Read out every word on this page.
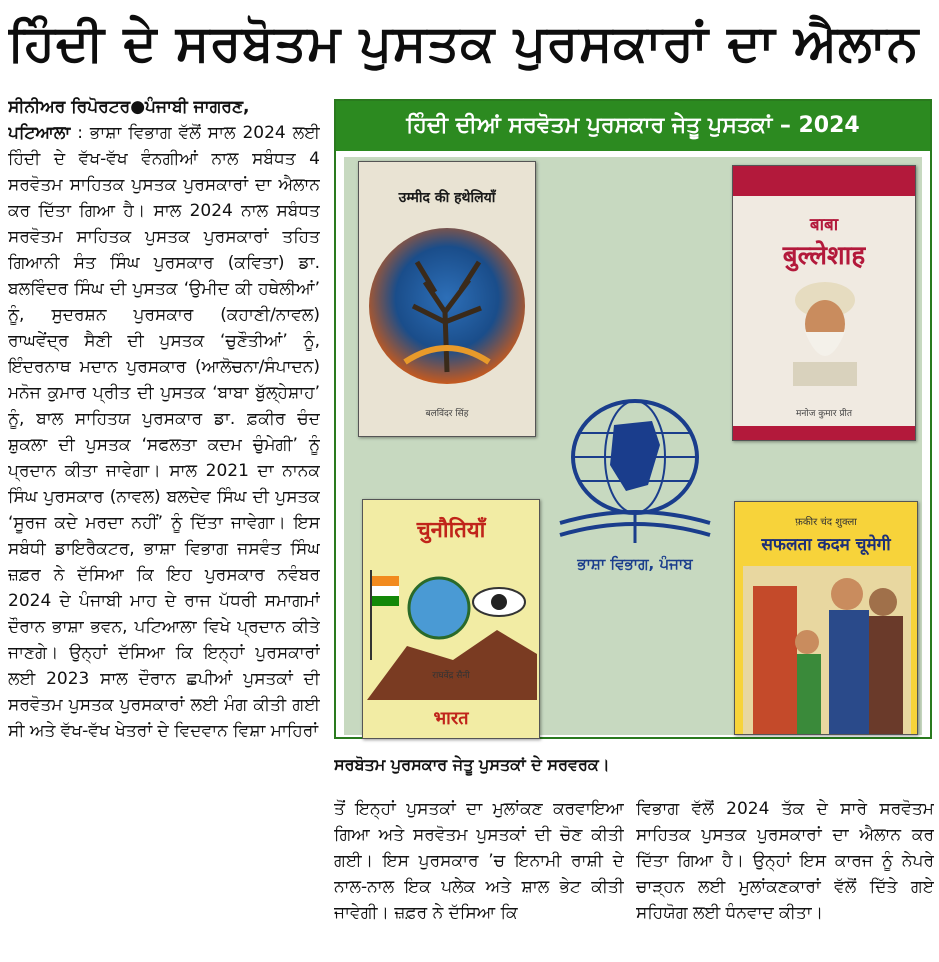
ਹਿੰਦੀ ਦੇ ਸਰਬੋਤਮ ਪੁਸਤਕ ਪੁਰਸਕਾਰਾਂ ਦਾ ਐਲਾਨ
ਸੀਨੀਅਰ ਰਿਪੋਰਟਰ●ਪੰਜਾਬੀ ਜਾਗਰਣ,
ਪਟਿਆਲਾ : ਭਾਸ਼ਾ ਵਿਭਾਗ ਵੱਲੋਂ ਸਾਲ 2024 ਲਈ ਹਿੰਦੀ ਦੇ ਵੱਖ-ਵੱਖ ਵੰਨਗੀਆਂ ਨਾਲ ਸਬੰਧਤ 4 ਸਰਵੋਤਮ ਸਾਹਿਤਕ ਪੁਸਤਕ ਪੁਰਸਕਾਰਾਂ ਦਾ ਐਲਾਨ ਕਰ ਦਿੱਤਾ ਗਿਆ ਹੈ। ਸਾਲ 2024 ਨਾਲ ਸਬੰਧਤ ਸਰਵੋਤਮ ਸਾਹਿਤਕ ਪੁਸਤਕ ਪੁਰਸਕਾਰਾਂ ਤਹਿਤ ਗਿਆਨੀ ਸੰਤ ਸਿੰਘ ਪੁਰਸਕਾਰ (ਕਵਿਤਾ) ਡਾ. ਬਲਵਿੰਦਰ ਸਿੰਘ ਦੀ ਪੁਸਤਕ ‘ਉਮੀਦ ਕੀ ਹਥੇਲੀਆਂ’ ਨੂੰ, ਸੁਦਰਸ਼ਨ ਪੁਰਸਕਾਰ (ਕਹਾਣੀ/ਨਾਵਲ) ਰਾਘਵੇਂਦ੍ਰ ਸੈਣੀ ਦੀ ਪੁਸਤਕ ‘ਚੁਣੌਤੀਆਂ’ ਨੂੰ, ਇੰਦਰਨਾਥ ਮਦਾਨ ਪੁਰਸਕਾਰ (ਆਲੋਚਨਾ/ਸੰਪਾਦਨ) ਮਨੋਜ ਕੁਮਾਰ ਪ੍ਰੀਤ ਦੀ ਪੁਸਤਕ ‘ਬਾਬਾ ਬੁੱਲ੍ਹੇਸ਼ਾਹ’ ਨੂੰ, ਬਾਲ ਸਾਹਿਤਯ ਪੁਰਸਕਾਰ ਡਾ. ਫ਼ਕੀਰ ਚੰਦ ਸ਼ੁਕਲਾ ਦੀ ਪੁਸਤਕ ‘ਸਫਲਤਾ ਕਦਮ ਚੁੰਮੇਗੀ’ ਨੂੰ ਪ੍ਰਦਾਨ ਕੀਤਾ ਜਾਵੇਗਾ। ਸਾਲ 2021 ਦਾ ਨਾਨਕ ਸਿੰਘ ਪੁਰਸਕਾਰ (ਨਾਵਲ) ਬਲਦੇਵ ਸਿੰਘ ਦੀ ਪੁਸਤਕ ‘ਸੂਰਜ ਕਦੇ ਮਰਦਾ ਨਹੀਂ’ ਨੂੰ ਦਿੱਤਾ ਜਾਵੇਗਾ। ਇਸ ਸਬੰਧੀ ਡਾਇਰੈਕਟਰ, ਭਾਸ਼ਾ ਵਿਭਾਗ ਜਸਵੰਤ ਸਿੰਘ ਜ਼ਫ਼ਰ ਨੇ ਦੱਸਿਆ ਕਿ ਇਹ ਪੁਰਸਕਾਰ ਨਵੰਬਰ 2024 ਦੇ ਪੰਜਾਬੀ ਮਾਹ ਦੇ ਰਾਜ ਪੱਧਰੀ ਸਮਾਗਮਾਂ ਦੌਰਾਨ ਭਾਸ਼ਾ ਭਵਨ, ਪਟਿਆਲਾ ਵਿਖੇ ਪ੍ਰਦਾਨ ਕੀਤੇ ਜਾਣਗੇ। ਉਨ੍ਹਾਂ ਦੱਸਿਆ ਕਿ ਇਨ੍ਹਾਂ ਪੁਰਸਕਾਰਾਂ ਲਈ 2023 ਸਾਲ ਦੌਰਾਨ ਛਪੀਆਂ ਪੁਸਤਕਾਂ ਦੀ ਸਰਵੋਤਮ ਪੁਸਤਕ ਪੁਰਸਕਾਰਾਂ ਲਈ ਮੰਗ ਕੀਤੀ ਗਈ ਸੀ ਅਤੇ ਵੱਖ-ਵੱਖ ਖੇਤਰਾਂ ਦੇ ਵਿਦਵਾਨ ਵਿਸ਼ਾ ਮਾਹਿਰਾਂ
ਹਿੰਦੀ ਦੀਆਂ ਸਰਵੋਤਮ ਪੁਰਸਕਾਰ ਜੇਤੂ ਪੁਸਤਕਾਂ – 2024
उम्मीद की हथेलियाँ
बलविंदर सिंह
बाबा
बुल्लेशाह
मनोज कुमार प्रीत
ਭਾਸ਼ਾ ਵਿਭਾਗ, ਪੰਜਾਬ
चुनौतियाँ
राघवेंद्र सैनी
भारत
फ़कीर चंद शुक्ला
सफलता कदम चूमेगी
ਸਰਬੋਤਮ ਪੁਰਸਕਾਰ ਜੇਤੂ ਪੁਸਤਕਾਂ ਦੇ ਸਰਵਰਕ।
ਤੋਂ ਇਨ੍ਹਾਂ ਪੁਸਤਕਾਂ ਦਾ ਮੁਲਾਂਕਣ ਕਰਵਾਇਆ ਗਿਆ ਅਤੇ ਸਰਵੋਤਮ ਪੁਸਤਕਾਂ ਦੀ ਚੋਣ ਕੀਤੀ ਗਈ। ਇਸ ਪੁਰਸਕਾਰ ’ਚ ਇਨਾਮੀ ਰਾਸ਼ੀ ਦੇ ਨਾਲ-ਨਾਲ ਇਕ ਪਲੇਕ ਅਤੇ ਸ਼ਾਲ ਭੇਟ ਕੀਤੀ ਜਾਵੇਗੀ। ਜ਼ਫ਼ਰ ਨੇ ਦੱਸਿਆ ਕਿ
ਵਿਭਾਗ ਵੱਲੋਂ 2024 ਤੱਕ ਦੇ ਸਾਰੇ ਸਰਵੋਤਮ ਸਾਹਿਤਕ ਪੁਸਤਕ ਪੁਰਸਕਾਰਾਂ ਦਾ ਐਲਾਨ ਕਰ ਦਿੱਤਾ ਗਿਆ ਹੈ। ਉਨ੍ਹਾਂ ਇਸ ਕਾਰਜ ਨੂੰ ਨੇਪਰੇ ਚਾੜ੍ਹਨ ਲਈ ਮੁਲਾਂਕਣਕਾਰਾਂ ਵੱਲੋਂ ਦਿੱਤੇ ਗਏ ਸਹਿਯੋਗ ਲਈ ਧੰਨਵਾਦ ਕੀਤਾ।
